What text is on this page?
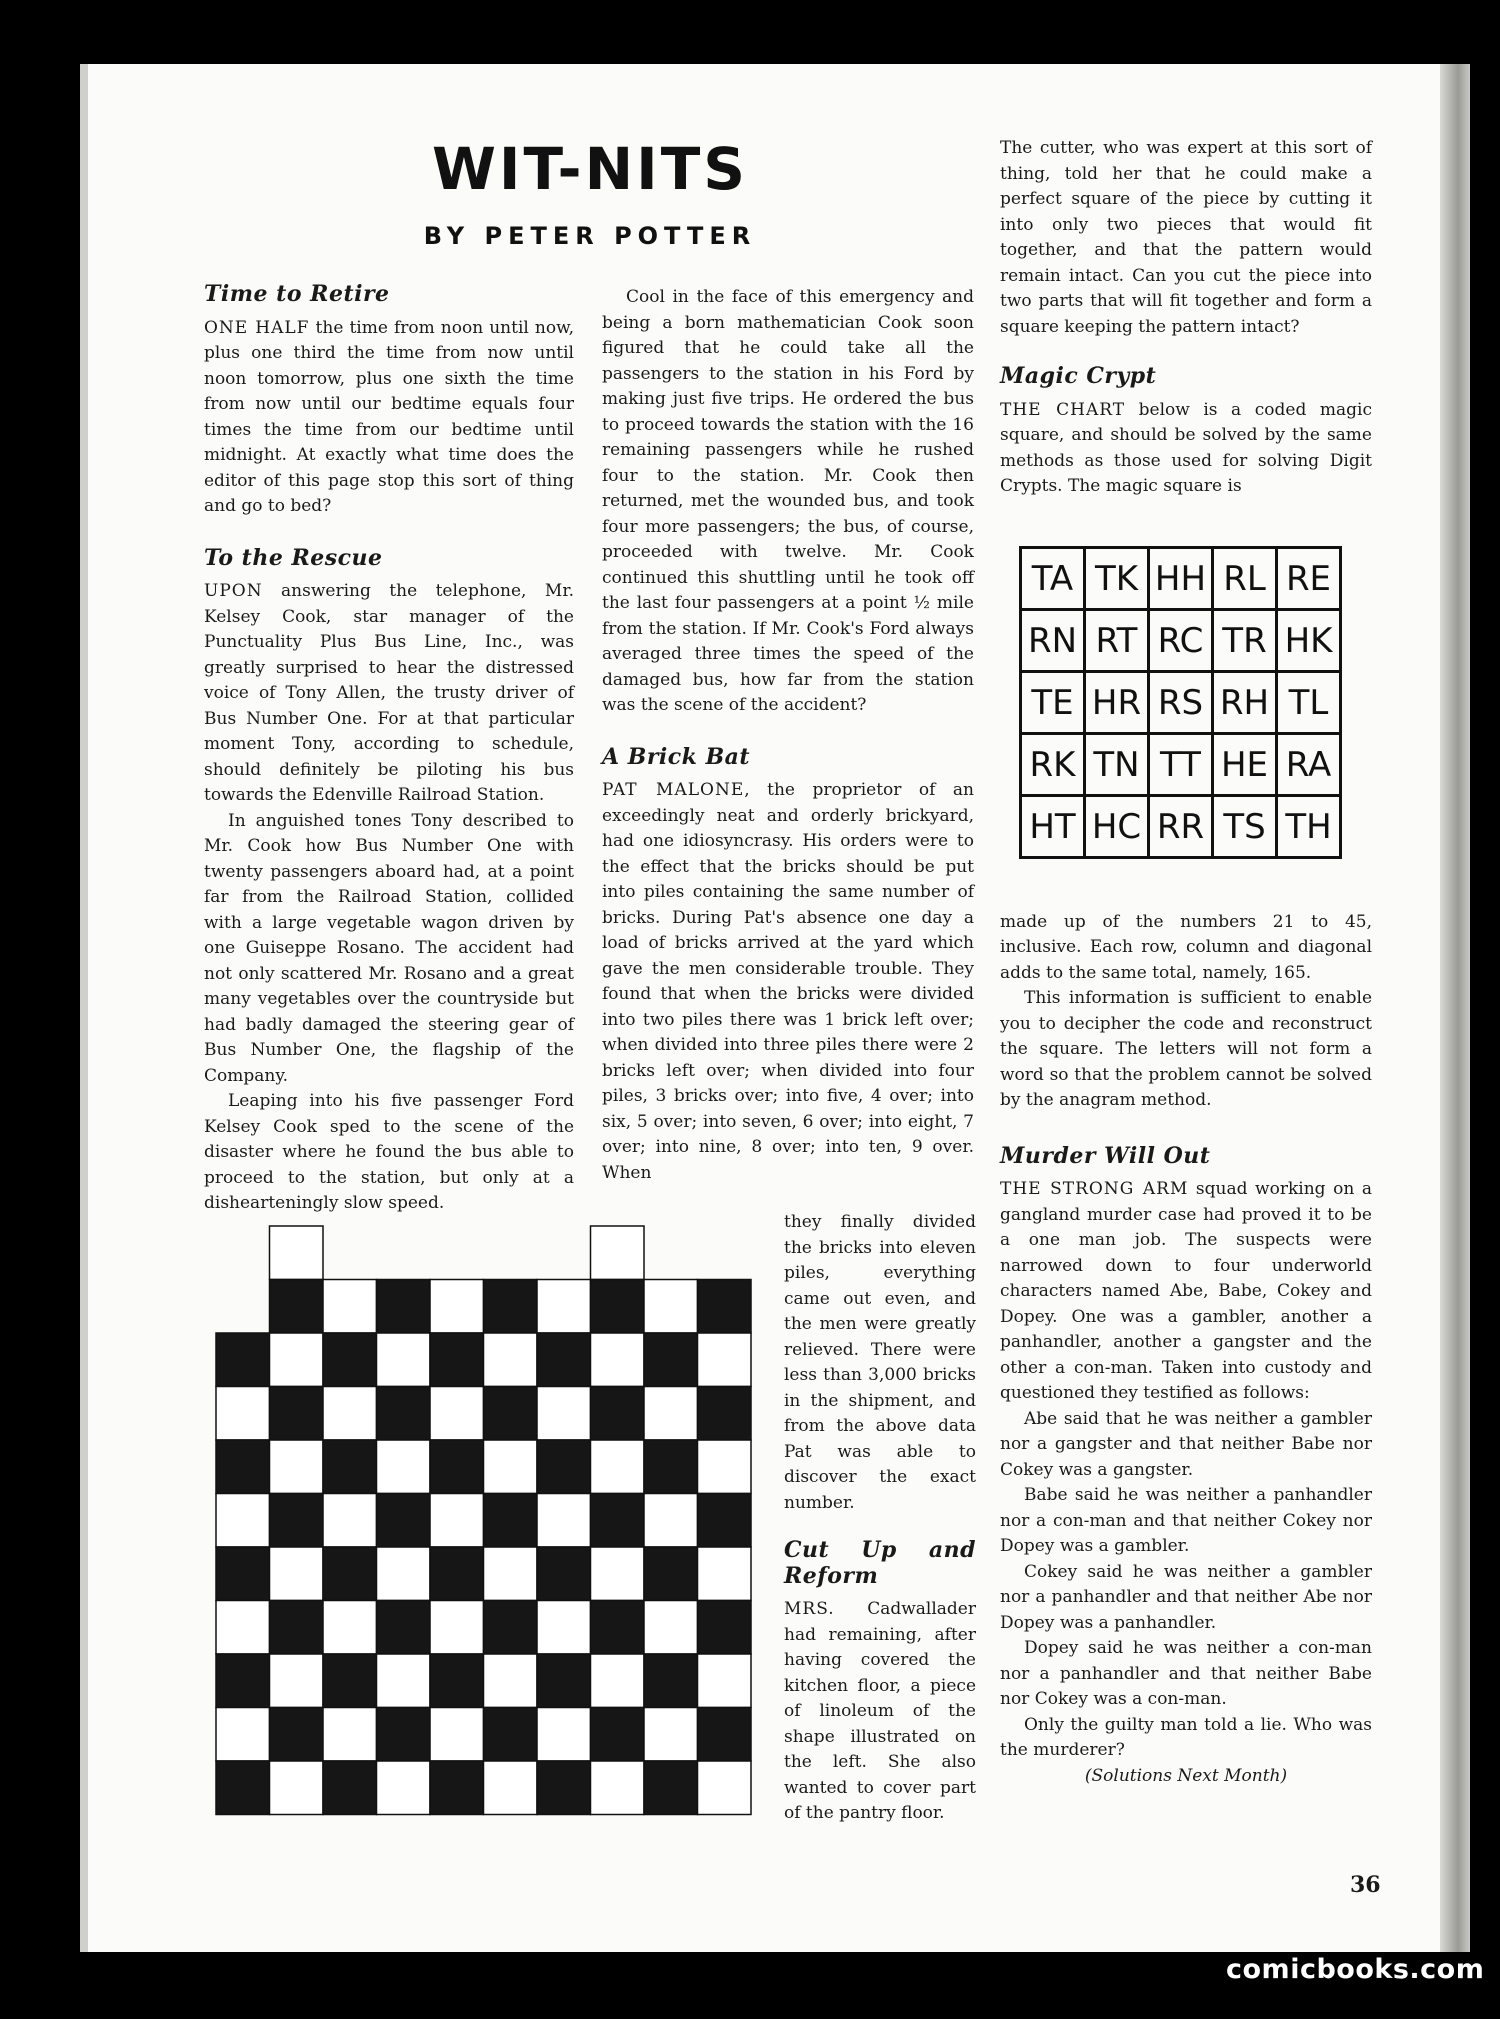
WIT-NITS
BY PETER POTTER
Time to Retire

ONE HALF the time from noon until now, plus one third the time from now until noon tomorrow, plus one sixth the time from now until our bedtime equals four times the time from our bedtime until midnight. At exactly what time does the editor of this page stop this sort of thing and go to bed?

To the Rescue

UPON answering the telephone, Mr. Kelsey Cook, star manager of the Punctuality Plus Bus Line, Inc., was greatly surprised to hear the distressed voice of Tony Allen, the trusty driver of Bus Number One. For at that particular moment Tony, according to schedule, should definitely be piloting his bus towards the Edenville Railroad Station.

In anguished tones Tony described to Mr. Cook how Bus Number One with twenty passengers aboard had, at a point far from the Railroad Station, collided with a large vegetable wagon driven by one Guiseppe Rosano. The accident had not only scattered Mr. Rosano and a great many vegetables over the countryside but had badly damaged the steering gear of Bus Number One, the flagship of the Company.

Leaping into his five passenger Ford Kelsey Cook sped to the scene of the disaster where he found the bus able to proceed to the station, but only at a dishearteningly slow speed.

Cool in the face of this emergency and being a born mathematician Cook soon figured that he could take all the passengers to the station in his Ford by making just five trips. He ordered the bus to proceed towards the station with the 16 remaining passengers while he rushed four to the station. Mr. Cook then returned, met the wounded bus, and took four more passengers; the bus, of course, proceeded with twelve. Mr. Cook continued this shuttling until he took off the last four passengers at a point ½ mile from the station. If Mr. Cook's Ford always averaged three times the speed of the damaged bus, how far from the station was the scene of the accident?

A Brick Bat

PAT MALONE, the proprietor of an exceedingly neat and orderly brickyard, had one idiosyncrasy. His orders were to the effect that the bricks should be put into piles containing the same number of bricks. During Pat's absence one day a load of bricks arrived at the yard which gave the men considerable trouble. They found that when the bricks were divided into two piles there was 1 brick left over; when divided into three piles there were 2 bricks left over; when divided into four piles, 3 bricks over; into five, 4 over; into six, 5 over; into seven, 6 over; into eight, 7 over; into nine, 8 over; into ten, 9 over. When

they finally divided the bricks into eleven piles, everything came out even, and the men were greatly relieved. There were less than 3,000 bricks in the shipment, and from the above data Pat was able to discover the exact number.

Cut Up and Reform

MRS. Cadwallader had remaining, after having covered the kitchen floor, a piece of linoleum of the shape illustrated on the left. She also wanted to cover part of the pantry floor.

The cutter, who was expert at this sort of thing, told her that he could make a perfect square of the piece by cutting it into only two pieces that would fit together, and that the pattern would remain intact. Can you cut the piece into two parts that will fit together and form a square keeping the pattern intact?

Magic Crypt

THE CHART below is a coded magic square, and should be solved by the same methods as those used for solving Digit Crypts. The magic square is

made up of the numbers 21 to 45, inclusive. Each row, column and diagonal adds to the same total, namely, 165.

This information is sufficient to enable you to decipher the code and reconstruct the square. The letters will not form a word so that the problem cannot be solved by the anagram method.

Murder Will Out

THE STRONG ARM squad working on a gangland murder case had proved it to be a one man job. The suspects were narrowed down to four underworld characters named Abe, Babe, Cokey and Dopey. One was a gambler, another a panhandler, another a gangster and the other a con-man. Taken into custody and questioned they testified as follows:

Abe said that he was neither a gambler nor a gangster and that neither Babe nor Cokey was a gangster.

Babe said he was neither a panhandler nor a con-man and that neither Cokey nor Dopey was a gambler.

Cokey said he was neither a gambler nor a panhandler and that neither Abe nor Dopey was a panhandler.

Dopey said he was neither a con-man nor a panhandler and that neither Babe nor Cokey was a con-man.

Only the guilty man told a lie. Who was the murderer?

(Solutions Next Month)

TA	TK	HH	RL	RE
RN	RT	RC	TR	HK
TE	HR	RS	RH	TL
RK	TN	TT	HE	RA
HT	HC	RR	TS	TH
36
comicbooks.com
